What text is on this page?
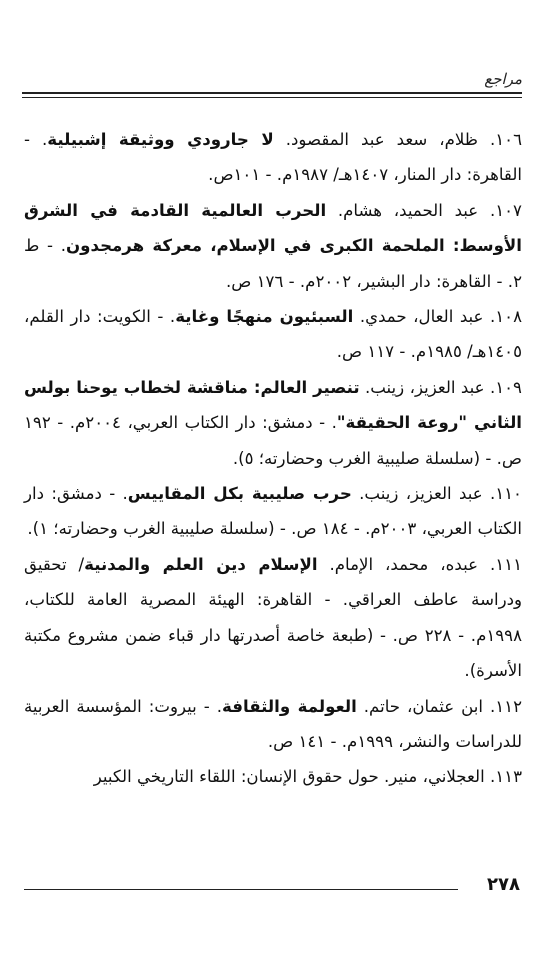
مراجع

١٠٦. ظلام، سعد عبد المقصود. لا جارودي ووثيقة إشبيلية. - القاهرة: دار المنار، ١٤٠٧هـ/ ١٩٨٧م. - ١٠١ص.

١٠٧. عبد الحميد، هشام. الحرب العالمية القادمة في الشرق الأوسط: الملحمة الكبرى في الإسلام، معركة هرمجدون. - ط ٢. - القاهرة: دار البشير، ٢٠٠٢م. - ١٧٦ ص.

١٠٨. عبد العال، حمدي. السبئيون منهجًا وغاية. - الكويت: دار القلم، ١٤٠٥هـ/ ١٩٨٥م. - ١١٧ ص.

١٠٩. عبد العزيز، زينب. تنصير العالم: مناقشة لخطاب يوحنا بولس الثاني "روعة الحقيقة". - دمشق: دار الكتاب العربي، ٢٠٠٤م. - ١٩٢ ص. - (سلسلة صليبية الغرب وحضارته؛ ٥).

١١٠. عبد العزيز، زينب. حرب صليبية بكل المقاييس. - دمشق: دار الكتاب العربي، ٢٠٠٣م. - ١٨٤ ص. - (سلسلة صليبية الغرب وحضارته؛ ١).

١١١. عبده، محمد، الإمام. الإسلام دين العلم والمدنية/ تحقيق ودراسة عاطف العراقي. - القاهرة: الهيئة المصرية العامة للكتاب، ١٩٩٨م. - ٢٢٨ ص. - (طبعة خاصة أصدرتها دار قباء ضمن مشروع مكتبة الأسرة).

١١٢. ابن عثمان، حاتم. العولمة والثقافة. - بيروت: المؤسسة العربية للدراسات والنشر، ١٩٩٩م. - ١٤١ ص.

١١٣. العجلاني، منير. حول حقوق الإنسان: اللقاء التاريخي الكبير

٢٧٨
